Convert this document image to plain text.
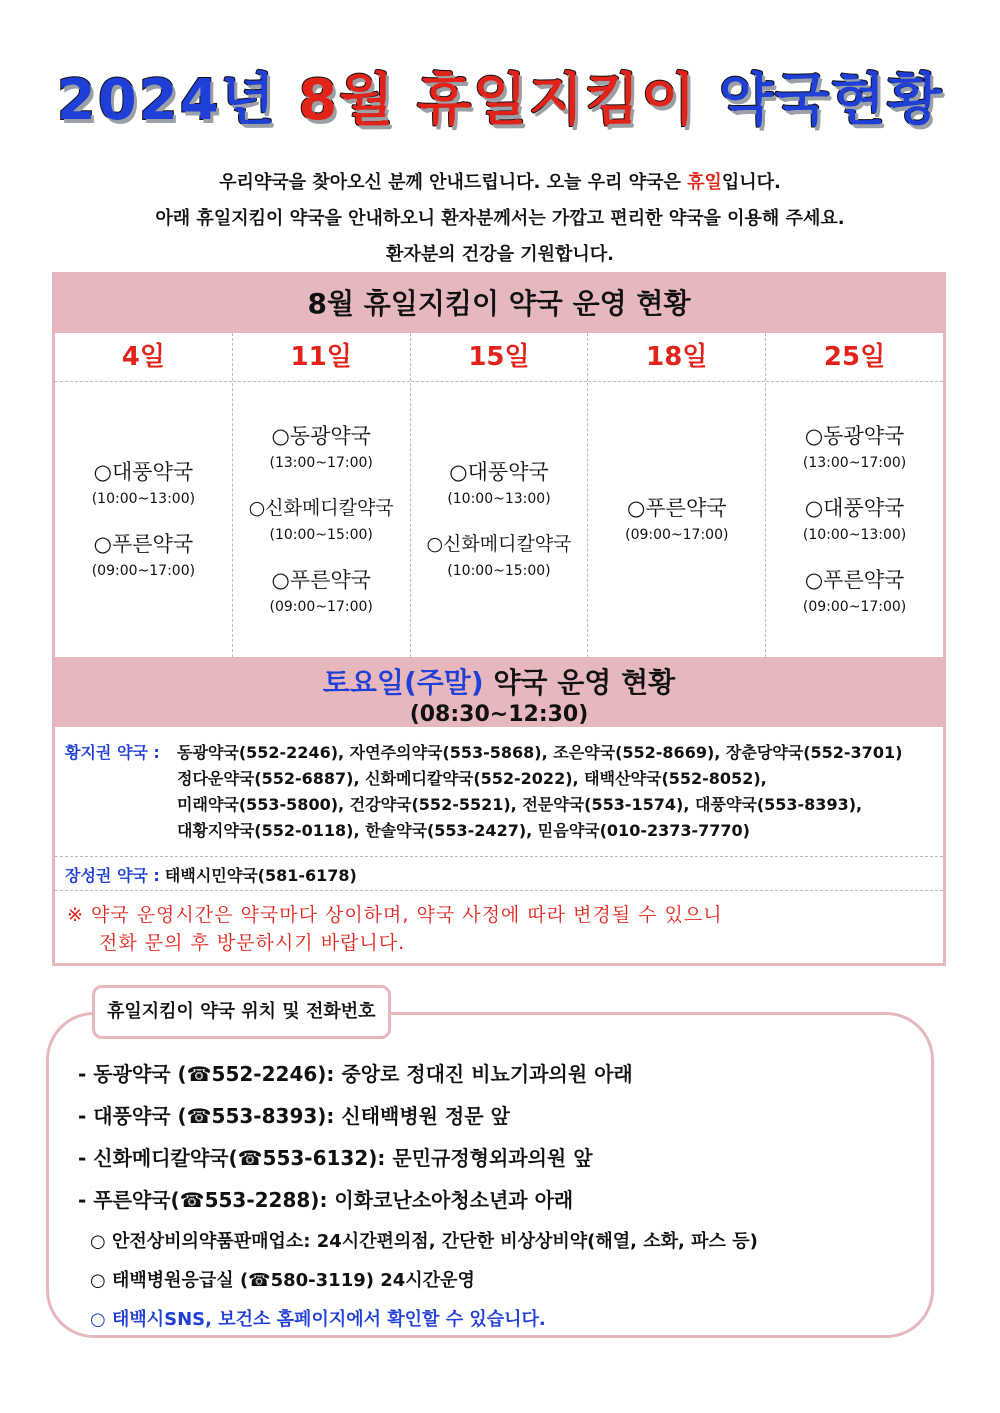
2024년 8월 휴일지킴이 약국현황
우리약국을 찾아오신 분께 안내드립니다. 오늘 우리 약국은 • 휴• 일입니다.
아래 휴일지킴이 약국을 안내하오니 환자분께서는 가깝고 편리한 약국을 이용해 주세요.
환자분의 건강을 기원합니다.
8월 휴일지킴이 약국 운영 현황
4일
○대풍약국
(10:00~13:00)
○푸른약국
(09:00~17:00)
11일
○동광약국
(13:00~17:00)
○신화메디칼약국
(10:00~15:00)
○푸른약국
(09:00~17:00)
15일
○대풍약국
(10:00~13:00)
○신화메디칼약국
(10:00~15:00)
18일
○푸른약국
(09:00~17:00)
25일
○동광약국
(13:00~17:00)
○대풍약국
(10:00~13:00)
○푸른약국
(09:00~17:00)
토요일(주말) 약국 운영 현황
(08:30~12:30)
황지권 약국 :	동광약국(552-2246), 자연주의약국(553-5868), 조은약국(552-8669), 장춘당약국(552-3701)
정다운약국(552-6887), 신화메디칼약국(552-2022), 태백산약국(552-8052),
미래약국(553-5800), 건강약국(552-5521), 전문약국(553-1574), 대풍약국(553-8393),
대황지약국(552-0118), 한솔약국(553-2427), 믿음약국(010-2373-7770)
장성권 약국 : 태백시민약국(581-6178)
※ 약국 운영시간은 약국마다 상이하며, 약국 사정에 따라 변경될 수 있으니
전화 문의 후 방문하시기 바랍니다.
휴일지킴이 약국 위치 및 전화번호
- 동광약국 (☎552-2246): 중앙로 정대진 비뇨기과의원 아래
- 대풍약국 (☎553-8393): 신태백병원 정문 앞
- 신화메디칼약국(☎553-6132): 문민규정형외과의원 앞
- 푸른약국(☎553-2288): 이화코난소아청소년과 아래
○ 안전상비의약품판매업소: 24시간편의점, 간단한 비상상비약(해열, 소화, 파스 등)
○ 태백병원응급실 (☎580-3119) 24시간운영
○ 태백시SNS, 보건소 홈페이지에서 확인할 수 있습니다.
